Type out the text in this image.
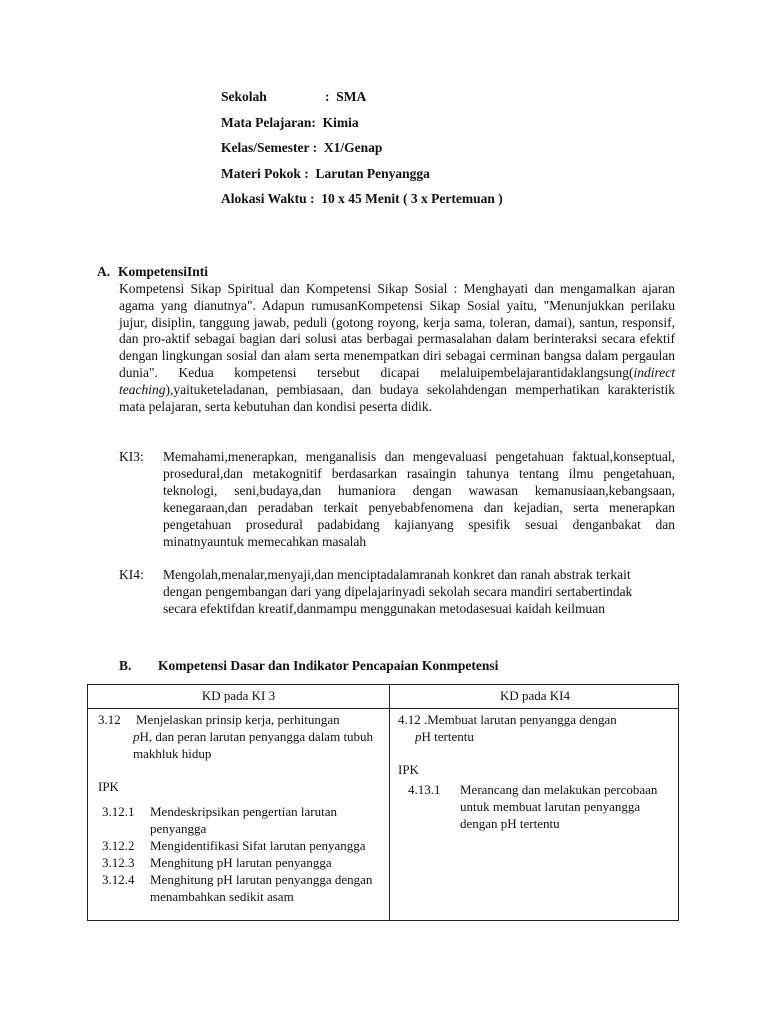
Sekolah	: SMA
Mata Pelajaran: Kimia
Kelas/Semester : X1/Genap
Materi Pokok : Larutan Penyangga
Alokasi Waktu : 10 x 45 Menit ( 3 x Pertemuan )
A. KompetensiInti
Kompetensi Sikap Spiritual dan Kompetensi Sikap Sosial : Menghayati dan mengamalkan ajaran agama yang dianutnya". Adapun rumusanKompetensi Sikap Sosial yaitu, "Menunjukkan perilaku jujur, disiplin, tanggung jawab, peduli (gotong royong, kerja sama, toleran, damai), santun, responsif, dan pro-aktif sebagai bagian dari solusi atas berbagai permasalahan dalam berinteraksi secara efektif dengan lingkungan sosial dan alam serta menempatkan diri sebagai cerminan bangsa dalam pergaulan dunia". Kedua kompetensi tersebut dicapai melaluipembelajarantidaklangsung(indirect teaching),yaituketeladanan, pembiasaan, dan budaya sekolahdengan memperhatikan karakteristik mata pelajaran, serta kebutuhan dan kondisi peserta didik.
KI3: Memahami,menerapkan, menganalisis dan mengevaluasi pengetahuan faktual,konseptual, prosedural,dan metakognitif berdasarkan rasaingin tahunya tentang ilmu pengetahuan, teknologi, seni,budaya,dan humaniora dengan wawasan kemanusiaan,kebangsaan, kenegaraan,dan peradaban terkait penyebabfenomena dan kejadian, serta menerapkan pengetahuan prosedural padabidang kajianyang spesifik sesuai denganbakat dan minatnyauntuk memecahkan masalah
KI4: Mengolah,menalar,menyaji,dan menciptadalamranah konkret dan ranah abstrak terkait dengan pengembangan dari yang dipelajarinyadi sekolah secara mandiri sertabertindak secara efektifdan kreatif,danmampu menggunakan metodasesuai kaidah keilmuan
B. Kompetensi Dasar dan Indikator Pencapaian Konmpetensi
KD pada KI 3	KD pada KI4
3.12 Menjelaskan prinsip kerja, perhitungan
pH, dan peran larutan penyangga dalam tubuh makhluk hidup
IPK
3.12.1 Mendeskripsikan pengertian larutan penyangga
3.12.2 Mengidentifikasi Sifat larutan penyangga
3.12.3 Menghitung pH larutan penyangga
3.12.4 Menghitung pH larutan penyangga dengan menambahkan sedikit asam
4.12 .Membuat larutan penyangga dengan
pH tertentu
IPK
4.13.1 Merancang dan melakukan percobaan untuk membuat larutan penyangga dengan pH tertentu
